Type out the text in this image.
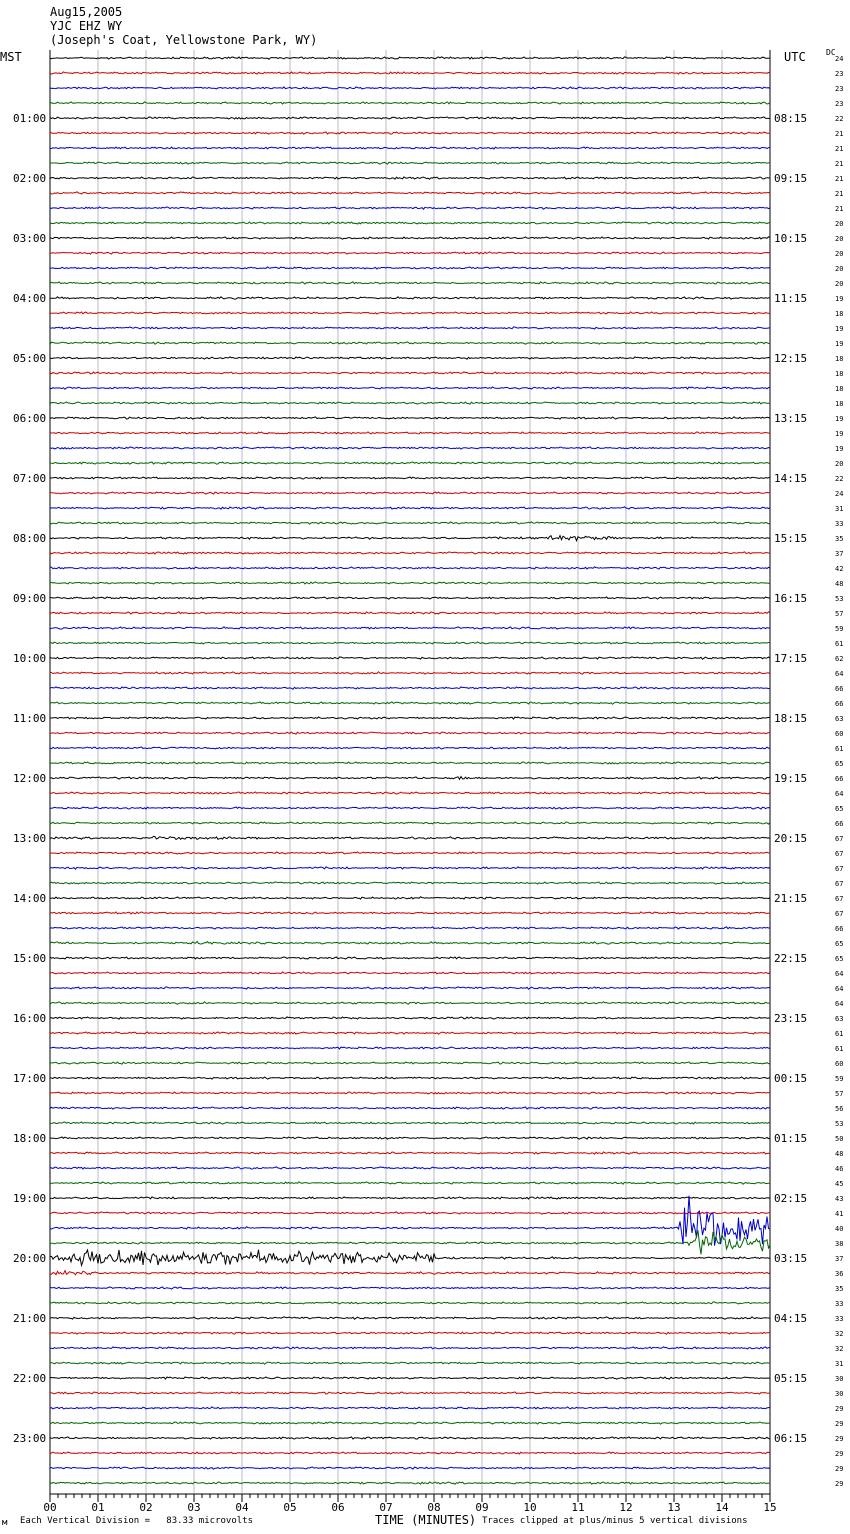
Aug15,2005
YJC EHZ WY
(Joseph's Coat, Yellowstone Park, WY)
MST	UTC	DC
24
23
23
23
22
21
21
21
21
21
21
20
20
20
20
20
19
18
19
19
18
18
18
18
19
19
19
20
22
24
31
33
35
37
42
48
53
57
59
61
62
64
66
66
63
60
61
65
66
64
65
66
67
67
67
67
67
67
66
65
65
64
64
64
63
61
61
60
59
57
56
53
50
48
46
45
43
41
40
38
37
36
35
33
33
32
32
31
30
30
29
29
29
29
29
29
01:00
02:00
03:00
04:00
05:00
06:00
07:00
08:00
09:00
10:00
11:00
12:00
13:00
14:00
15:00
16:00
17:00
18:00
19:00
20:00
21:00
22:00
23:00
08:15
09:15
10:15
11:15
12:15
13:15
14:15
15:15
16:15
17:15
18:15
19:15
20:15
21:15
22:15
23:15
00:15
01:15
02:15
03:15
04:15
05:15
06:15
00	01	02	03	04	05	06	07	08	09	10	11	12	13	14	15
м Each Vertical Division =   83.33 microvolts	TIME (MINUTES) Traces clipped at plus/minus 5 vertical divisions
